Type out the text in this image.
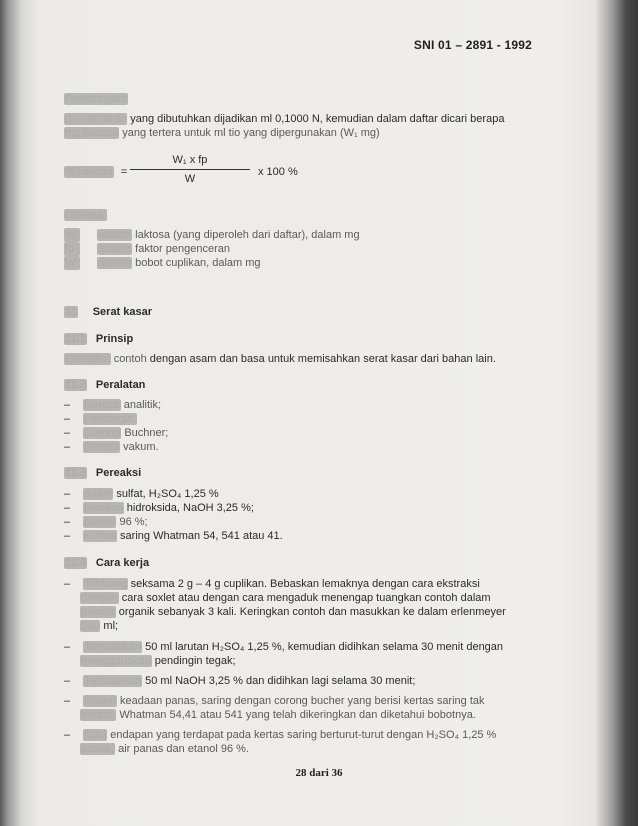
SNI 01 – 2891 - 1992
Perhitungan:
(b – a) ml tio yang dibutuhkan dijadikan ml 0,1000 N, kemudian dalam daftar dicari berapa
mg laktosa yang tertera untuk ml tio yang dipergunakan (W₁ mg)
% laktosa =
W₁ x fp
W
x 100 %
Dimana:
W₁ adalah laktosa (yang diperoleh dari daftar), dalam mg
fp adalah faktor pengenceran
W adalah bobot cuplikan, dalam mg
11 Serat kasar
11.1 Prinsip
Ekstraksi contoh dengan asam dan basa untuk memisahkan serat kasar dari bahan lain.
11.2 Peralatan
– Neraca analitik;
– Pendingin;
– Corong Buchner;
– Pompa vakum.
11.3 Pereaksi
– Asam sulfat, H₂SO₄ 1,25 %
– Natrium hidroksida, NaOH 3,25 %;
– Etanol 96 %;
– Kertas saring Whatman 54, 541 atau 41.
11.4 Cara kerja
– Timbang seksama 2 g – 4 g cuplikan. Bebaskan lemaknya dengan cara ekstraksi
dengan cara soxlet atau dengan cara mengaduk menengap tuangkan contoh dalam
pelarut organik sebanyak 3 kali. Keringkan contoh dan masukkan ke dalam erlenmeyer
500 ml;
– Tambahkan 50 ml larutan H₂SO₄ 1,25 %, kemudian didihkan selama 30 menit dengan
menggunakan pendingin tegak;
– Tambahkan 50 ml NaOH 3,25 % dan didihkan lagi selama 30 menit;
– Dalam keadaan panas, saring dengan corong bucher yang berisi kertas saring tak
berabu Whatman 54,41 atau 541 yang telah dikeringkan dan diketahui bobotnya.
– Cuci endapan yang terdapat pada kertas saring berturut-turut dengan H₂SO₄ 1,25 %
panas, air panas dan etanol 96 %.
28 dari 36
